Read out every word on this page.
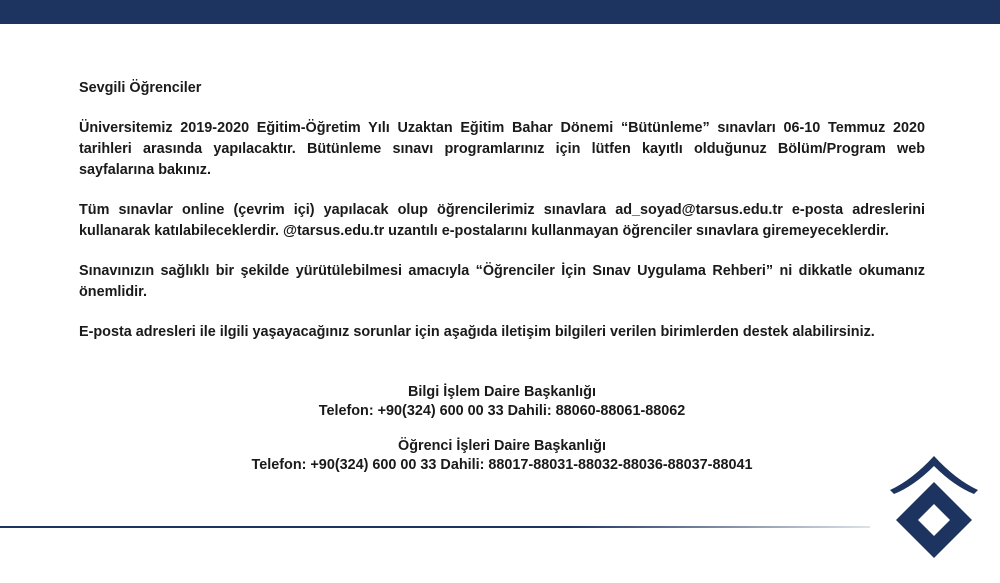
Sevgili Öğrenciler

Üniversitemiz 2019-2020 Eğitim-Öğretim Yılı Uzaktan Eğitim Bahar Dönemi “Bütünleme” sınavları 06-10 Temmuz 2020 tarihleri arasında yapılacaktır. Bütünleme sınavı programlarınız için lütfen kayıtlı olduğunuz Bölüm/Program web sayfalarına bakınız.

Tüm sınavlar online (çevrim içi) yapılacak olup öğrencilerimiz sınavlara ad_soyad@tarsus.edu.tr e-posta adreslerini kullanarak katılabileceklerdir. @tarsus.edu.tr uzantılı e-postalarını kullanmayan öğrenciler sınavlara giremeyeceklerdir.

Sınavınızın sağlıklı bir şekilde yürütülebilmesi amacıyla “Öğrenciler İçin Sınav Uygulama Rehberi” ni dikkatle okumanız önemlidir.

E-posta adresleri ile ilgili yaşayacağınız sorunlar için aşağıda iletişim bilgileri verilen birimlerden destek alabilirsiniz.

Bilgi İşlem Daire Başkanlığı
Telefon: +90(324) 600 00 33 Dahili: 88060-88061-88062
Öğrenci İşleri Daire Başkanlığı
Telefon: +90(324) 600 00 33 Dahili: 88017-88031-88032-88036-88037-88041
